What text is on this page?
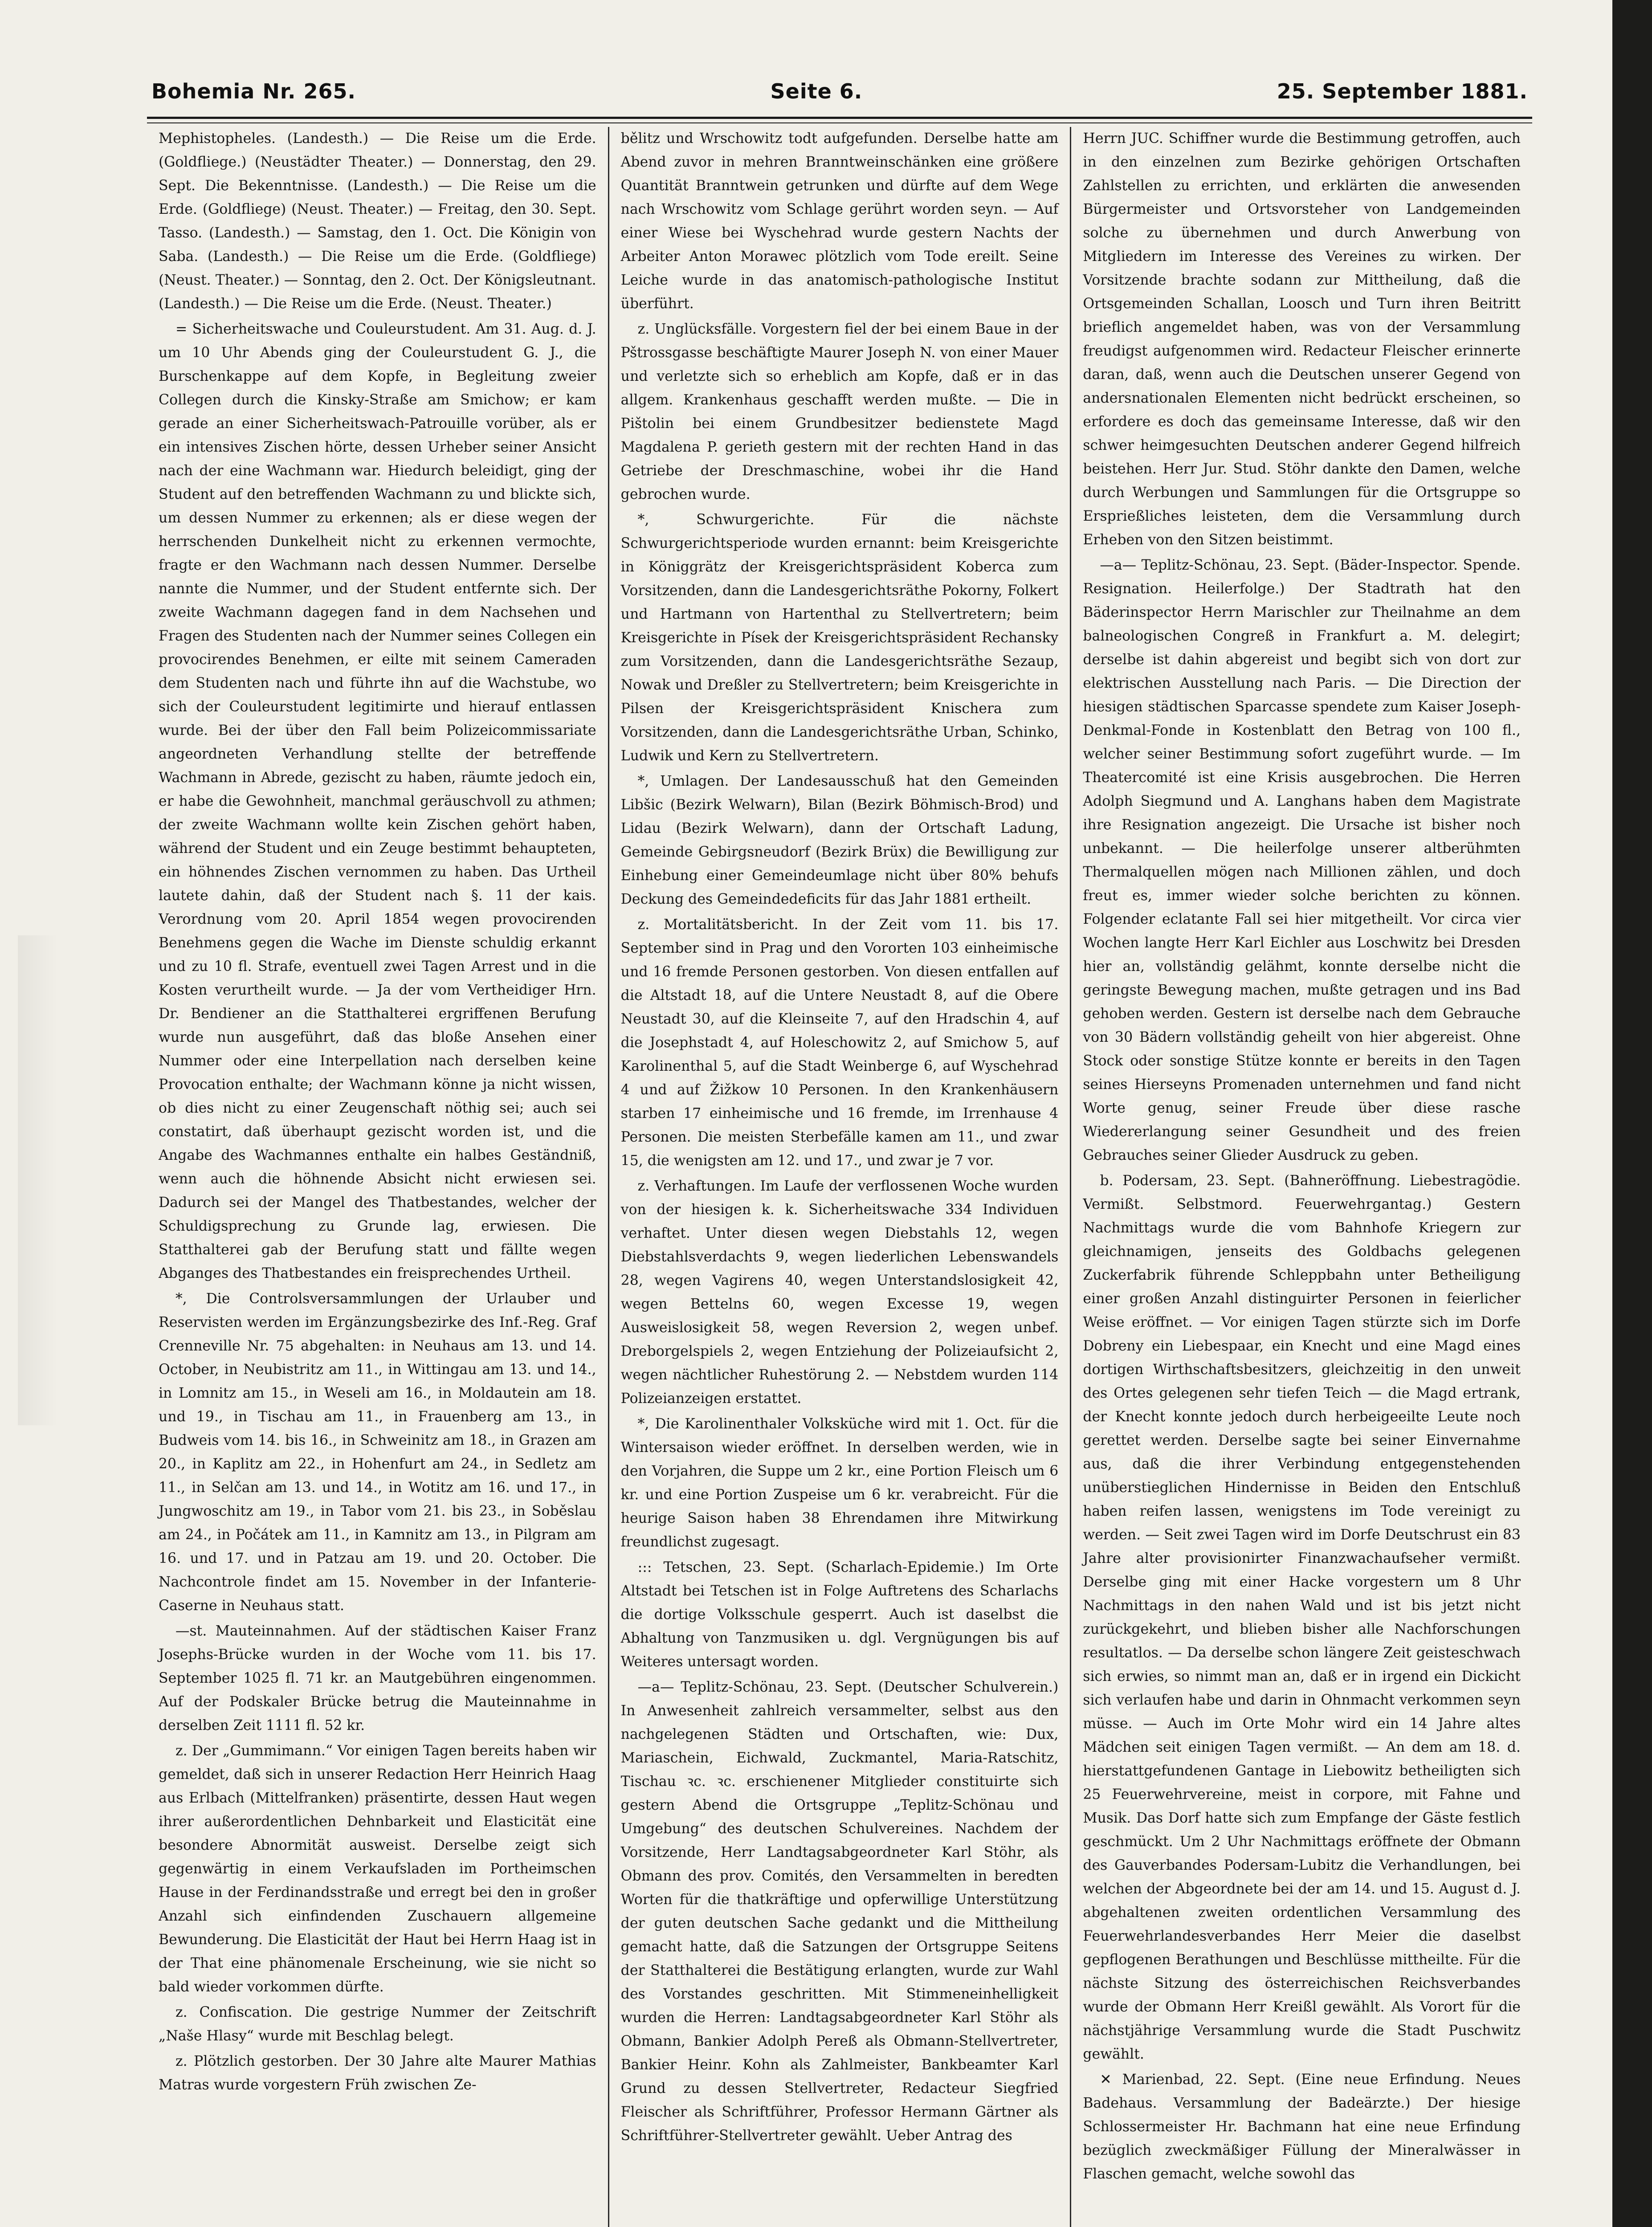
Bohemia Nr. 265.	Seite 6.	25. September 1881.

Mephistopheles. (Landesth.) — Die Reise um die Erde. (Goldfliege.) (Neustädter Theater.) — Donnerstag, den 29. Sept. Die Bekenntnisse. (Landesth.) — Die Reise um die Erde. (Goldfliege) (Neust. Theater.) — Freitag, den 30. Sept. Tasso. (Landesth.) — Samstag, den 1. Oct. Die Königin von Saba. (Landesth.) — Die Reise um die Erde. (Goldfliege) (Neust. Theater.) — Sonntag, den 2. Oct. Der Königsleutnant. (Landesth.) — Die Reise um die Erde. (Neust. Theater.)

= Sicherheitswache und Couleurstudent. Am 31. Aug. d. J. um 10 Uhr Abends ging der Couleurstudent G. J., die Burschenkappe auf dem Kopfe, in Begleitung zweier Collegen durch die Kinsky-Straße am Smichow; er kam gerade an einer Sicherheitswach-Patrouille vorüber, als er ein intensives Zischen hörte, dessen Urheber seiner Ansicht nach der eine Wachmann war. Hiedurch beleidigt, ging der Student auf den betreffenden Wachmann zu und blickte sich, um dessen Nummer zu erkennen; als er diese wegen der herrschenden Dunkelheit nicht zu erkennen vermochte, fragte er den Wachmann nach dessen Nummer. Derselbe nannte die Nummer, und der Student entfernte sich. Der zweite Wachmann dagegen fand in dem Nachsehen und Fragen des Studenten nach der Nummer seines Collegen ein provocirendes Benehmen, er eilte mit seinem Cameraden dem Studenten nach und führte ihn auf die Wachstube, wo sich der Couleurstudent legitimirte und hierauf entlassen wurde. Bei der über den Fall beim Polizeicommissariate angeordneten Verhandlung stellte der betreffende Wachmann in Abrede, gezischt zu haben, räumte jedoch ein, er habe die Gewohnheit, manchmal geräuschvoll zu athmen; der zweite Wachmann wollte kein Zischen gehört haben, während der Student und ein Zeuge bestimmt behaupteten, ein höhnendes Zischen vernommen zu haben. Das Urtheil lautete dahin, daß der Student nach §. 11 der kais. Verordnung vom 20. April 1854 wegen provocirenden Benehmens gegen die Wache im Dienste schuldig erkannt und zu 10 fl. Strafe, eventuell zwei Tagen Arrest und in die Kosten verurtheilt wurde. — Ja der vom Vertheidiger Hrn. Dr. Bendiener an die Statthalterei ergriffenen Berufung wurde nun ausgeführt, daß das bloße Ansehen einer Nummer oder eine Interpellation nach derselben keine Provocation enthalte; der Wachmann könne ja nicht wissen, ob dies nicht zu einer Zeugenschaft nöthig sei; auch sei constatirt, daß überhaupt gezischt worden ist, und die Angabe des Wachmannes enthalte ein halbes Geständniß, wenn auch die höhnende Absicht nicht erwiesen sei. Dadurch sei der Mangel des Thatbestandes, welcher der Schuldigsprechung zu Grunde lag, erwiesen. Die Statthalterei gab der Berufung statt und fällte wegen Abganges des Thatbestandes ein freisprechendes Urtheil.

*, Die Controlsversammlungen der Urlauber und Reservisten werden im Ergänzungsbezirke des Inf.-Reg. Graf Crenneville Nr. 75 abgehalten: in Neuhaus am 13. und 14. October, in Neubistritz am 11., in Wittingau am 13. und 14., in Lomnitz am 15., in Weseli am 16., in Moldautein am 18. und 19., in Tischau am 11., in Frauenberg am 13., in Budweis vom 14. bis 16., in Schweinitz am 18., in Grazen am 20., in Kaplitz am 22., in Hohenfurt am 24., in Sedletz am 11., in Selčan am 13. und 14., in Wotitz am 16. und 17., in Jungwoschitz am 19., in Tabor vom 21. bis 23., in Soběslau am 24., in Počátek am 11., in Kamnitz am 13., in Pilgram am 16. und 17. und in Patzau am 19. und 20. October. Die Nachcontrole findet am 15. November in der Infanterie-Caserne in Neuhaus statt.

—st. Mauteinnahmen. Auf der städtischen Kaiser Franz Josephs-Brücke wurden in der Woche vom 11. bis 17. September 1025 fl. 71 kr. an Mautgebühren eingenommen. Auf der Podskaler Brücke betrug die Mauteinnahme in derselben Zeit 1111 fl. 52 kr.

z. Der „Gummimann.“ Vor einigen Tagen bereits haben wir gemeldet, daß sich in unserer Redaction Herr Heinrich Haag aus Erlbach (Mittelfranken) präsentirte, dessen Haut wegen ihrer außerordentlichen Dehnbarkeit und Elasticität eine besondere Abnormität ausweist. Derselbe zeigt sich gegenwärtig in einem Verkaufsladen im Portheimschen Hause in der Ferdinandsstraße und erregt bei den in großer Anzahl sich einfindenden Zuschauern allgemeine Bewunderung. Die Elasticität der Haut bei Herrn Haag ist in der That eine phänomenale Erscheinung, wie sie nicht so bald wieder vorkommen dürfte.

z. Confiscation. Die gestrige Nummer der Zeitschrift „Naše Hlasy“ wurde mit Beschlag belegt.

z. Plötzlich gestorben. Der 30 Jahre alte Maurer Mathias Matras wurde vorgestern Früh zwischen Ze-

bělitz und Wrschowitz todt aufgefunden. Derselbe hatte am Abend zuvor in mehren Branntweinschänken eine größere Quantität Branntwein getrunken und dürfte auf dem Wege nach Wrschowitz vom Schlage gerührt worden seyn. — Auf einer Wiese bei Wyschehrad wurde gestern Nachts der Arbeiter Anton Morawec plötzlich vom Tode ereilt. Seine Leiche wurde in das anatomisch-pathologische Institut überführt.

z. Unglücksfälle. Vorgestern fiel der bei einem Baue in der Pštrossgasse beschäftigte Maurer Joseph N. von einer Mauer und verletzte sich so erheblich am Kopfe, daß er in das allgem. Krankenhaus geschafft werden mußte. — Die in Pištolin bei einem Grundbesitzer bedienstete Magd Magdalena P. gerieth gestern mit der rechten Hand in das Getriebe der Dreschmaschine, wobei ihr die Hand gebrochen wurde.

*, Schwurgerichte. Für die nächste Schwurgerichtsperiode wurden ernannt: beim Kreisgerichte in Königgrätz der Kreisgerichtspräsident Koberca zum Vorsitzenden, dann die Landesgerichtsräthe Pokorny, Folkert und Hartmann von Hartenthal zu Stellvertretern; beim Kreisgerichte in Písek der Kreisgerichtspräsident Rechansky zum Vorsitzenden, dann die Landesgerichtsräthe Sezaup, Nowak und Dreßler zu Stellvertretern; beim Kreisgerichte in Pilsen der Kreisgerichtspräsident Knischera zum Vorsitzenden, dann die Landesgerichtsräthe Urban, Schinko, Ludwik und Kern zu Stellvertretern.

*, Umlagen. Der Landesausschuß hat den Gemeinden Libšic (Bezirk Welwarn), Bilan (Bezirk Böhmisch-Brod) und Lidau (Bezirk Welwarn), dann der Ortschaft Ladung, Gemeinde Gebirgsneudorf (Bezirk Brüx) die Bewilligung zur Einhebung einer Gemeindeumlage nicht über 80% behufs Deckung des Gemeindedeficits für das Jahr 1881 ertheilt.

z. Mortalitätsbericht. In der Zeit vom 11. bis 17. September sind in Prag und den Vororten 103 einheimische und 16 fremde Personen gestorben. Von diesen entfallen auf die Altstadt 18, auf die Untere Neustadt 8, auf die Obere Neustadt 30, auf die Kleinseite 7, auf den Hradschin 4, auf die Josephstadt 4, auf Holeschowitz 2, auf Smichow 5, auf Karolinenthal 5, auf die Stadt Weinberge 6, auf Wyschehrad 4 und auf Žižkow 10 Personen. In den Krankenhäusern starben 17 einheimische und 16 fremde, im Irrenhause 4 Personen. Die meisten Sterbefälle kamen am 11., und zwar 15, die wenigsten am 12. und 17., und zwar je 7 vor.

z. Verhaftungen. Im Laufe der verflossenen Woche wurden von der hiesigen k. k. Sicherheitswache 334 Individuen verhaftet. Unter diesen wegen Diebstahls 12, wegen Diebstahlsverdachts 9, wegen liederlichen Lebenswandels 28, wegen Vagirens 40, wegen Unterstandslosigkeit 42, wegen Bettelns 60, wegen Excesse 19, wegen Ausweislosigkeit 58, wegen Reversion 2, wegen unbef. Dreborgelspiels 2, wegen Entziehung der Polizeiaufsicht 2, wegen nächtlicher Ruhestörung 2. — Nebstdem wurden 114 Polizeianzeigen erstattet.

*, Die Karolinenthaler Volksküche wird mit 1. Oct. für die Wintersaison wieder eröffnet. In derselben werden, wie in den Vorjahren, die Suppe um 2 kr., eine Portion Fleisch um 6 kr. und eine Portion Zuspeise um 6 kr. verabreicht. Für die heurige Saison haben 38 Ehrendamen ihre Mitwirkung freundlichst zugesagt.

::: Tetschen, 23. Sept. (Scharlach-Epidemie.) Im Orte Altstadt bei Tetschen ist in Folge Auftretens des Scharlachs die dortige Volksschule gesperrt. Auch ist daselbst die Abhaltung von Tanzmusiken u. dgl. Vergnügungen bis auf Weiteres untersagt worden.

—a— Teplitz-Schönau, 23. Sept. (Deutscher Schulverein.) In Anwesenheit zahlreich versammelter, selbst aus den nachgelegenen Städten und Ortschaften, wie: Dux, Mariaschein, Eichwald, Zuckmantel, Maria-Ratschitz, Tischau ꝛc. ꝛc. erschienener Mitglieder constituirte sich gestern Abend die Ortsgruppe „Teplitz-Schönau und Umgebung“ des deutschen Schulvereines. Nachdem der Vorsitzende, Herr Landtagsabgeordneter Karl Stöhr, als Obmann des prov. Comités, den Versammelten in beredten Worten für die thatkräftige und opferwillige Unterstützung der guten deutschen Sache gedankt und die Mittheilung gemacht hatte, daß die Satzungen der Ortsgruppe Seitens der Statthalterei die Bestätigung erlangten, wurde zur Wahl des Vorstandes geschritten. Mit Stimmeneinhelligkeit wurden die Herren: Landtagsabgeordneter Karl Stöhr als Obmann, Bankier Adolph Pereß als Obmann-Stellvertreter, Bankier Heinr. Kohn als Zahlmeister, Bankbeamter Karl Grund zu dessen Stellvertreter, Redacteur Siegfried Fleischer als Schriftführer, Professor Hermann Gärtner als Schriftführer-Stellvertreter gewählt. Ueber Antrag des

Herrn JUC. Schiffner wurde die Bestimmung getroffen, auch in den einzelnen zum Bezirke gehörigen Ortschaften Zahlstellen zu errichten, und erklärten die anwesenden Bürgermeister und Ortsvorsteher von Landgemeinden solche zu übernehmen und durch Anwerbung von Mitgliedern im Interesse des Vereines zu wirken. Der Vorsitzende brachte sodann zur Mittheilung, daß die Ortsgemeinden Schallan, Loosch und Turn ihren Beitritt brieflich angemeldet haben, was von der Versammlung freudigst aufgenommen wird. Redacteur Fleischer erinnerte daran, daß, wenn auch die Deutschen unserer Gegend von andersnationalen Elementen nicht bedrückt erscheinen, so erfordere es doch das gemeinsame Interesse, daß wir den schwer heimgesuchten Deutschen anderer Gegend hilfreich beistehen. Herr Jur. Stud. Stöhr dankte den Damen, welche durch Werbungen und Sammlungen für die Ortsgruppe so Ersprießliches leisteten, dem die Versammlung durch Erheben von den Sitzen beistimmt.

—a— Teplitz-Schönau, 23. Sept. (Bäder-Inspector. Spende. Resignation. Heilerfolge.) Der Stadtrath hat den Bäderinspector Herrn Marischler zur Theilnahme an dem balneologischen Congreß in Frankfurt a. M. delegirt; derselbe ist dahin abgereist und begibt sich von dort zur elektrischen Ausstellung nach Paris. — Die Direction der hiesigen städtischen Sparcasse spendete zum Kaiser Joseph-Denkmal-Fonde in Kostenblatt den Betrag von 100 fl., welcher seiner Bestimmung sofort zugeführt wurde. — Im Theatercomité ist eine Krisis ausgebrochen. Die Herren Adolph Siegmund und A. Langhans haben dem Magistrate ihre Resignation angezeigt. Die Ursache ist bisher noch unbekannt. — Die heilerfolge unserer altberühmten Thermalquellen mögen nach Millionen zählen, und doch freut es, immer wieder solche berichten zu können. Folgender eclatante Fall sei hier mitgetheilt. Vor circa vier Wochen langte Herr Karl Eichler aus Loschwitz bei Dresden hier an, vollständig gelähmt, konnte derselbe nicht die geringste Bewegung machen, mußte getragen und ins Bad gehoben werden. Gestern ist derselbe nach dem Gebrauche von 30 Bädern vollständig geheilt von hier abgereist. Ohne Stock oder sonstige Stütze konnte er bereits in den Tagen seines Hierseyns Promenaden unternehmen und fand nicht Worte genug, seiner Freude über diese rasche Wiedererlangung seiner Gesundheit und des freien Gebrauches seiner Glieder Ausdruck zu geben.

b. Podersam, 23. Sept. (Bahneröffnung. Liebestragödie. Vermißt. Selbstmord. Feuerwehrgantag.) Gestern Nachmittags wurde die vom Bahnhofe Kriegern zur gleichnamigen, jenseits des Goldbachs gelegenen Zuckerfabrik führende Schleppbahn unter Betheiligung einer großen Anzahl distinguirter Personen in feierlicher Weise eröffnet. — Vor einigen Tagen stürzte sich im Dorfe Dobreny ein Liebespaar, ein Knecht und eine Magd eines dortigen Wirthschaftsbesitzers, gleichzeitig in den unweit des Ortes gelegenen sehr tiefen Teich — die Magd ertrank, der Knecht konnte jedoch durch herbeigeeilte Leute noch gerettet werden. Derselbe sagte bei seiner Einvernahme aus, daß die ihrer Verbindung entgegenstehenden unüberstieglichen Hindernisse in Beiden den Entschluß haben reifen lassen, wenigstens im Tode vereinigt zu werden. — Seit zwei Tagen wird im Dorfe Deutschrust ein 83 Jahre alter provisionirter Finanzwachaufseher vermißt. Derselbe ging mit einer Hacke vorgestern um 8 Uhr Nachmittags in den nahen Wald und ist bis jetzt nicht zurückgekehrt, und blieben bisher alle Nachforschungen resultatlos. — Da derselbe schon längere Zeit geisteschwach sich erwies, so nimmt man an, daß er in irgend ein Dickicht sich verlaufen habe und darin in Ohnmacht verkommen seyn müsse. — Auch im Orte Mohr wird ein 14 Jahre altes Mädchen seit einigen Tagen vermißt. — An dem am 18. d. hierstattgefundenen Gantage in Liebowitz betheiligten sich 25 Feuerwehrvereine, meist in corpore, mit Fahne und Musik. Das Dorf hatte sich zum Empfange der Gäste festlich geschmückt. Um 2 Uhr Nachmittags eröffnete der Obmann des Gauverbandes Podersam-Lubitz die Verhandlungen, bei welchen der Abgeordnete bei der am 14. und 15. August d. J. abgehaltenen zweiten ordentlichen Versammlung des Feuerwehrlandesverbandes Herr Meier die daselbst gepflogenen Berathungen und Beschlüsse mittheilte. Für die nächste Sitzung des österreichischen Reichsverbandes wurde der Obmann Herr Kreißl gewählt. Als Vorort für die nächstjährige Versammlung wurde die Stadt Puschwitz gewählt.

✕ Marienbad, 22. Sept. (Eine neue Erfindung. Neues Badehaus. Versammlung der Badeärzte.) Der hiesige Schlossermeister Hr. Bachmann hat eine neue Erfindung bezüglich zweckmäßiger Füllung der Mineralwässer in Flaschen gemacht, welche sowohl das
